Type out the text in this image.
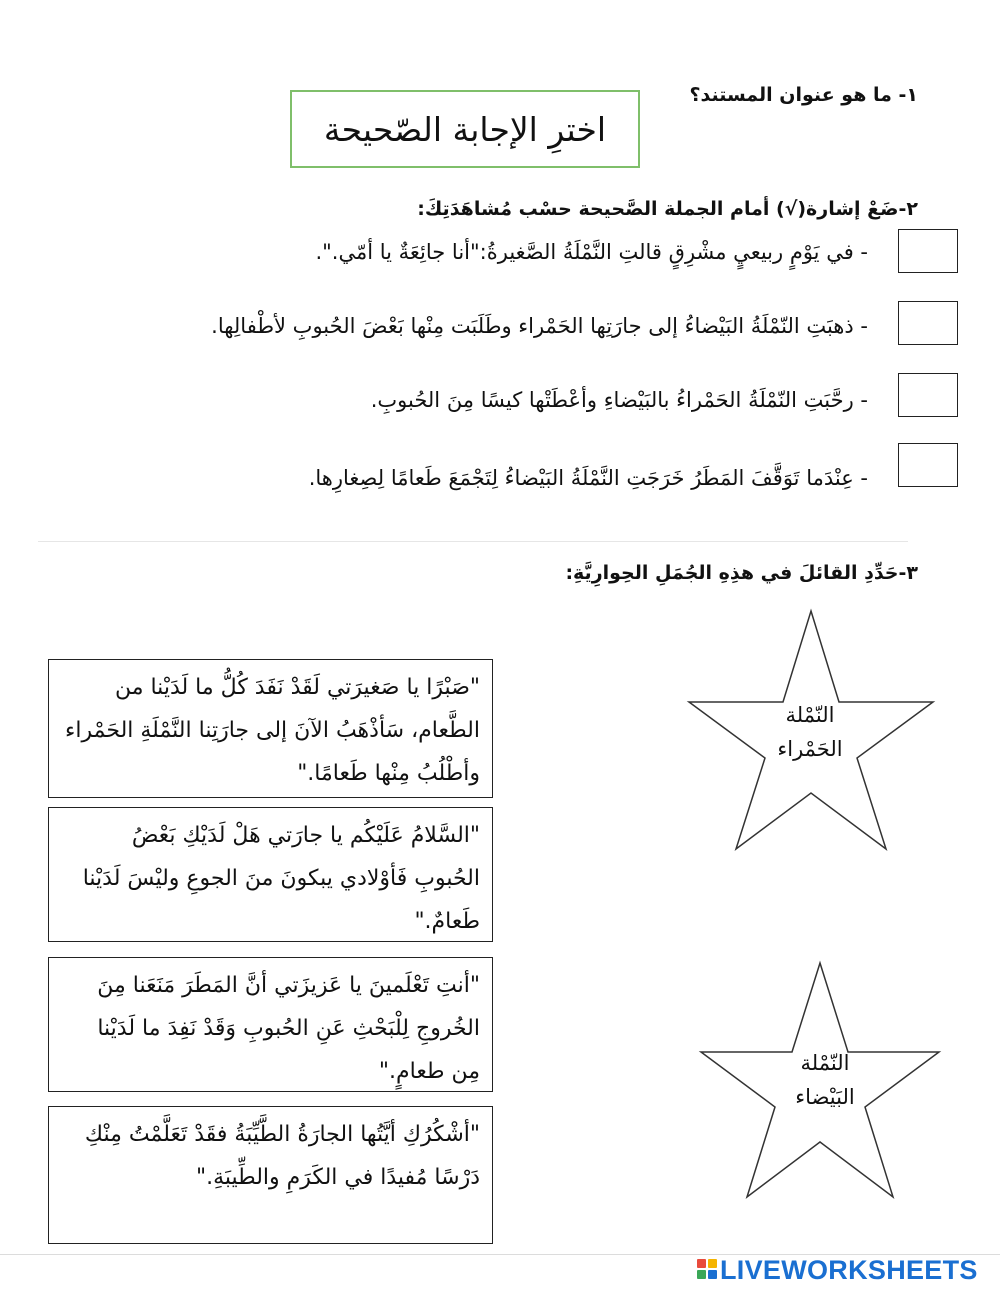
١- ما هو عنوان المستند؟
اخترِ الإجابة الصّحيحة
٢-ضَعْ إشارة(√) أمام الجملة الصَّحيحة حسْب مُشاهَدَتِكَ:
- في يَوْمٍ ربيعيٍ مشْرِقٍ قالتِ النَّمْلَةُ الصَّغيرةُ:"أنا جائِعَةٌ يا أمّي.".
- ذهبَتِ النّمْلَةُ البَيْضاءُ إلى جارَتِها الحَمْراء وطَلَبَت مِنْها بَعْضَ الحُبوبِ لأطْفالِها.
- رحَّبَتِ النّمْلَةُ الحَمْراءُ بالبَيْضاءِ وأعْطَتْها كيسًا مِنَ الحُبوبِ.
- عِنْدَما تَوَقَّفَ المَطَرُ خَرَجَتِ النَّمْلَةُ البَيْضاءُ لِتَجْمَعَ طَعامًا لِصِغارِها.
٣-حَدِّدِ القائلَ في هذِهِ الجُمَلِ الحِوارِيَّةِ:
"صَبْرًا يا صَغيرَتي لَقَدْ نَفَدَ كُلُّ ما لَدَيْنا من الطَّعام، سَأذْهَبُ الآنَ إلى جارَتِنا النَّمْلَةِ الحَمْراء وأطْلُبُ مِنْها طَعامًا."
"السَّلامُ عَلَيْكُم يا جارَتي هَلْ لَدَيْكِ بَعْضُ الحُبوبِ فَأوْلادي يبكونَ منَ الجوعِ وليْسَ لَدَيْنا طَعامٌ."
"أنتِ تَعْلَمينَ يا عَزيزَتي أنَّ المَطَرَ مَنَعَنا مِنَ الخُروجِ لِلْبَحْثِ عَنِ الحُبوبِ وَقَدْ نَفِدَ ما لَدَيْنا مِن طعامٍ."
"أشْكُرُكِ أيَّتُها الجارَةُ الطَّيِّبَةُ فقَدْ تَعَلَّمْتُ مِنْكِ دَرْسًا مُفيدًا في الكَرَمِ والطِّيبَةِ."
النّمْلة
الحَمْراء
النّمْلة
البَيْضاء
LIVEWORKSHEETS
